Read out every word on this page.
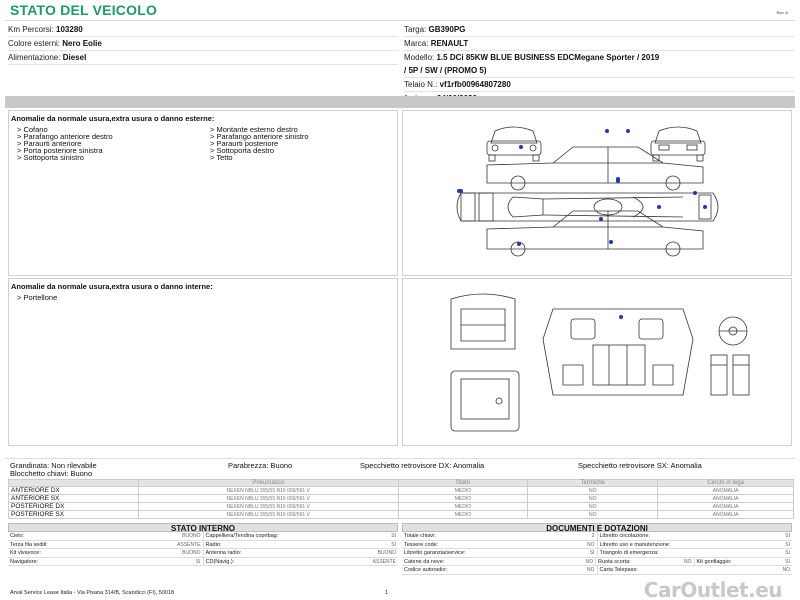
STATO DEL VEICOLO	Rev. A
Km Percorsi: 103280
Colore esterni: Nero Eolie
Alimentazione: Diesel
Targa: GB390PG
Marca: RENAULT
Modello: 1.5 DCi 85KW BLUE BUSINESS EDCMegane Sporter / 2019
/ 5P / SW / (PROMO 5)
Telaio N.: vf1rfb00964807280
Anomalie da normale usura,extra usura o danno esterne:
> Cofano
> Parafango anteriore destro
> Paraurti anteriore
> Porta posteriore sinistra
> Sottoporta sinistro
> Montante esterno destro
> Parafango anteriore sinistro
> Paraurti posteriore
> Sottoporta destro
> Tetto
Anomalie da normale usura,extra usura o danno interne:
> Portellone
Grandinata: Non rilevabile
Blocchetto chiavi: Buono
Parabrezza: Buono	Specchietto retrovisore DX: Anomalia	Specchietto retrovisore SX: Anomalia
	Pneumatico	Stato	Termiche	Cerchi in lega
ANTERIORE DX	NEXEN NBLU 205/55 R16 000/091 V	MEDIO	NO	ANOMALIA
ANTERIORE SX	NEXEN NBLU 205/55 R16 000/091 V	MEDIO	NO	ANOMALIA
POSTERIORE DX	NEXEN NBLU 205/55 R16 000/091 V	MEDIO	NO	ANOMALIA
POSTERIORE SX	NEXEN NBLU 205/55 R16 000/091 V	MEDIO	NO	ANOMALIA
STATO INTERNO
Cielo:	BUONO Cappelliera/Tendina copribag:	SI
Terza fila sedili:	ASSENTE Radio:	SI
Kit vivavoce:	BUONO Antenna radio:	BUONO
Navigatore:	SI CD(Navig.):	ASSENTE
DOCUMENTI E DOTAZIONI
Totale chiavi:	2 Libretto circolazione:	SI
Tessere code:	NO Libretto uso e manutenzione:	SI
Libretto garanzia/service:	SI Triangolo di emergenza:	SI
Catene da neve:	NO Ruota scorta:	NO Kit gonfiaggio:	SI
Codice autoradio:	NO Carta Telepass:	NO
Arval Service Lease Italia - Via Pisana 314/B, Scandicci (FI), 50018	1	CarOutlet.eu
